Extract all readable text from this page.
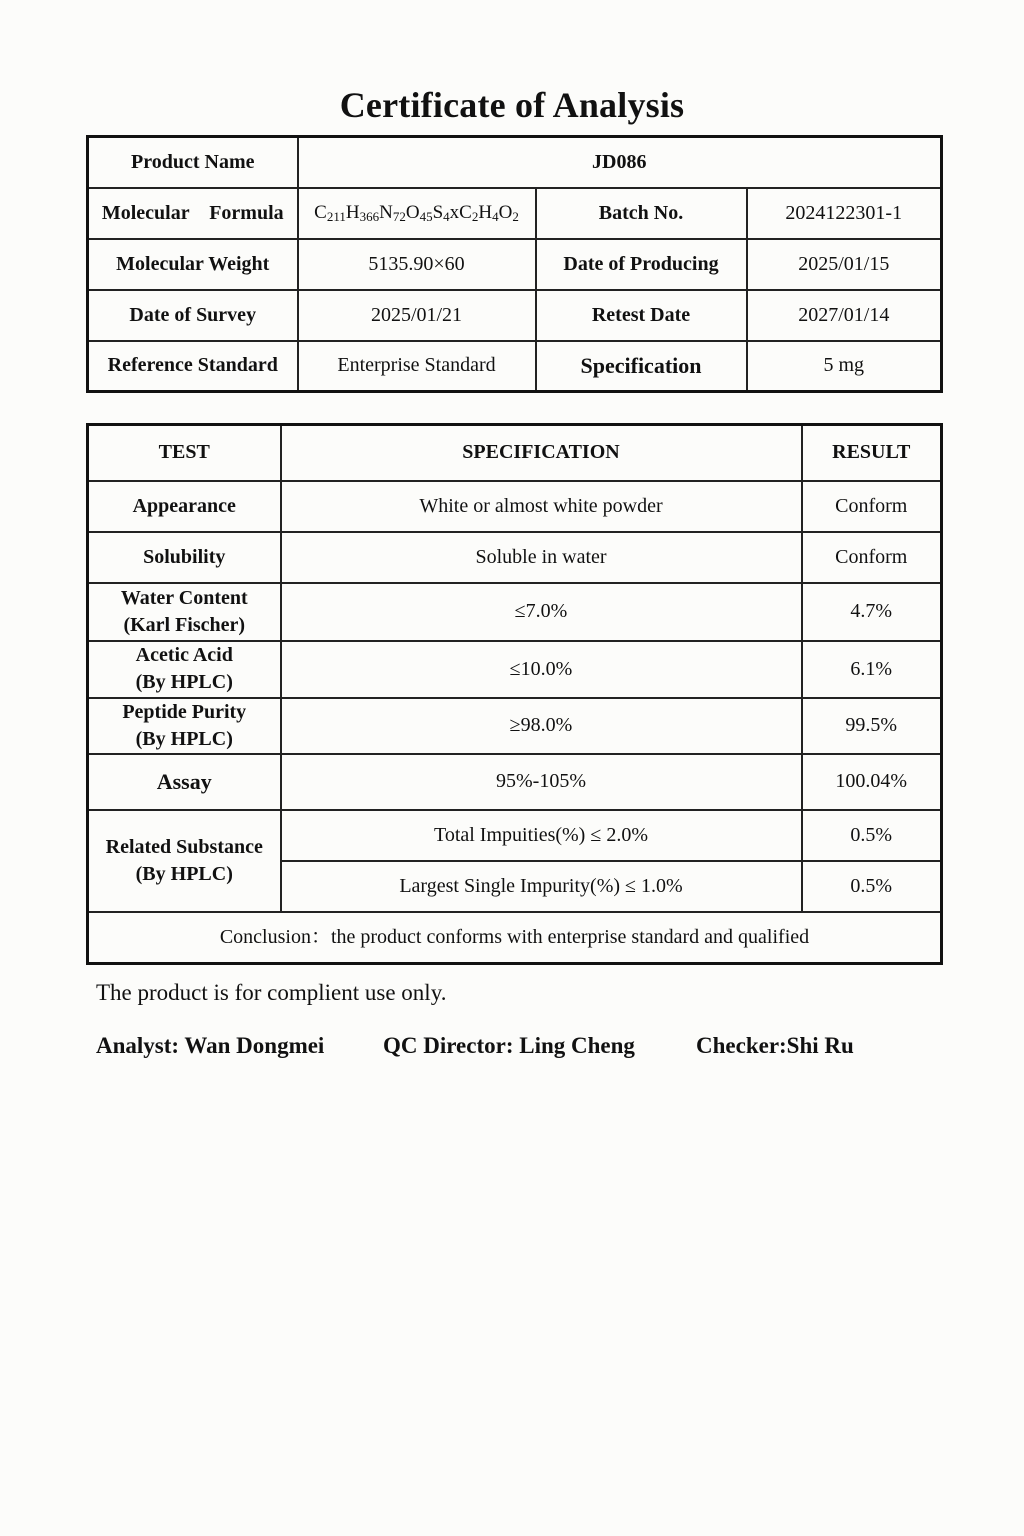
Certificate of Analysis
Product Name	JD086		
Molecular　Formula	$C_{211}H_{366}N_{72}O_{45}S_4xC_2H_4O_2$	Batch No.	2024122301-1
Molecular Weight	5135.90×60	Date of Producing	2025/01/15
Date of Survey	2025/01/21	Retest Date	2027/01/14
Reference Standard	Enterprise Standard	Specification	5 mg
TEST	SPECIFICATION	RESULT
Appearance	White or almost white powder	Conform
Solubility	Soluble in water	Conform
Water Content
(Karl Fischer)	≤7.0%	4.7%
Acetic Acid
(By HPLC)	≤10.0%	6.1%
Peptide Purity
(By HPLC)	≥98.0%	99.5%
Assay	95%-105%	100.04%
Related Substance
(By HPLC)	Total Impuities(%) ≤ 2.0%	0.5%
	Largest Single Impurity(%) ≤ 1.0%	0.5%
Conclusion：the product conforms with enterprise standard and qualified		
The product is for complient use only.
Analyst: Wan Dongmei	QC Director: Ling Cheng	Checker:Shi Ru
